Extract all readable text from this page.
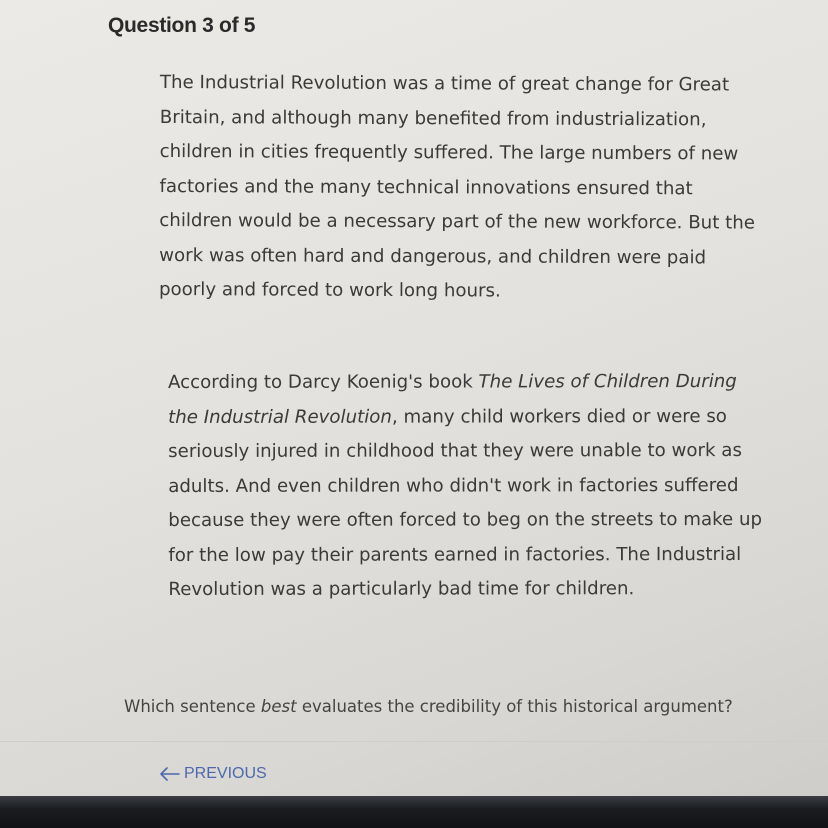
Question 3 of 5

The Industrial Revolution was a time of great change for Great Britain, and although many benefited from industrialization, children in cities frequently suffered. The large numbers of new factories and the many technical innovations ensured that children would be a necessary part of the new workforce. But the work was often hard and dangerous, and children were paid poorly and forced to work long hours.

According to Darcy Koenig's book The Lives of Children During the Industrial Revolution, many child workers died or were so seriously injured in childhood that they were unable to work as adults. And even children who didn't work in factories suffered because they were often forced to beg on the streets to make up for the low pay their parents earned in factories. The Industrial Revolution was a particularly bad time for children.

Which sentence best evaluates the credibility of this historical argument?
PREVIOUS
